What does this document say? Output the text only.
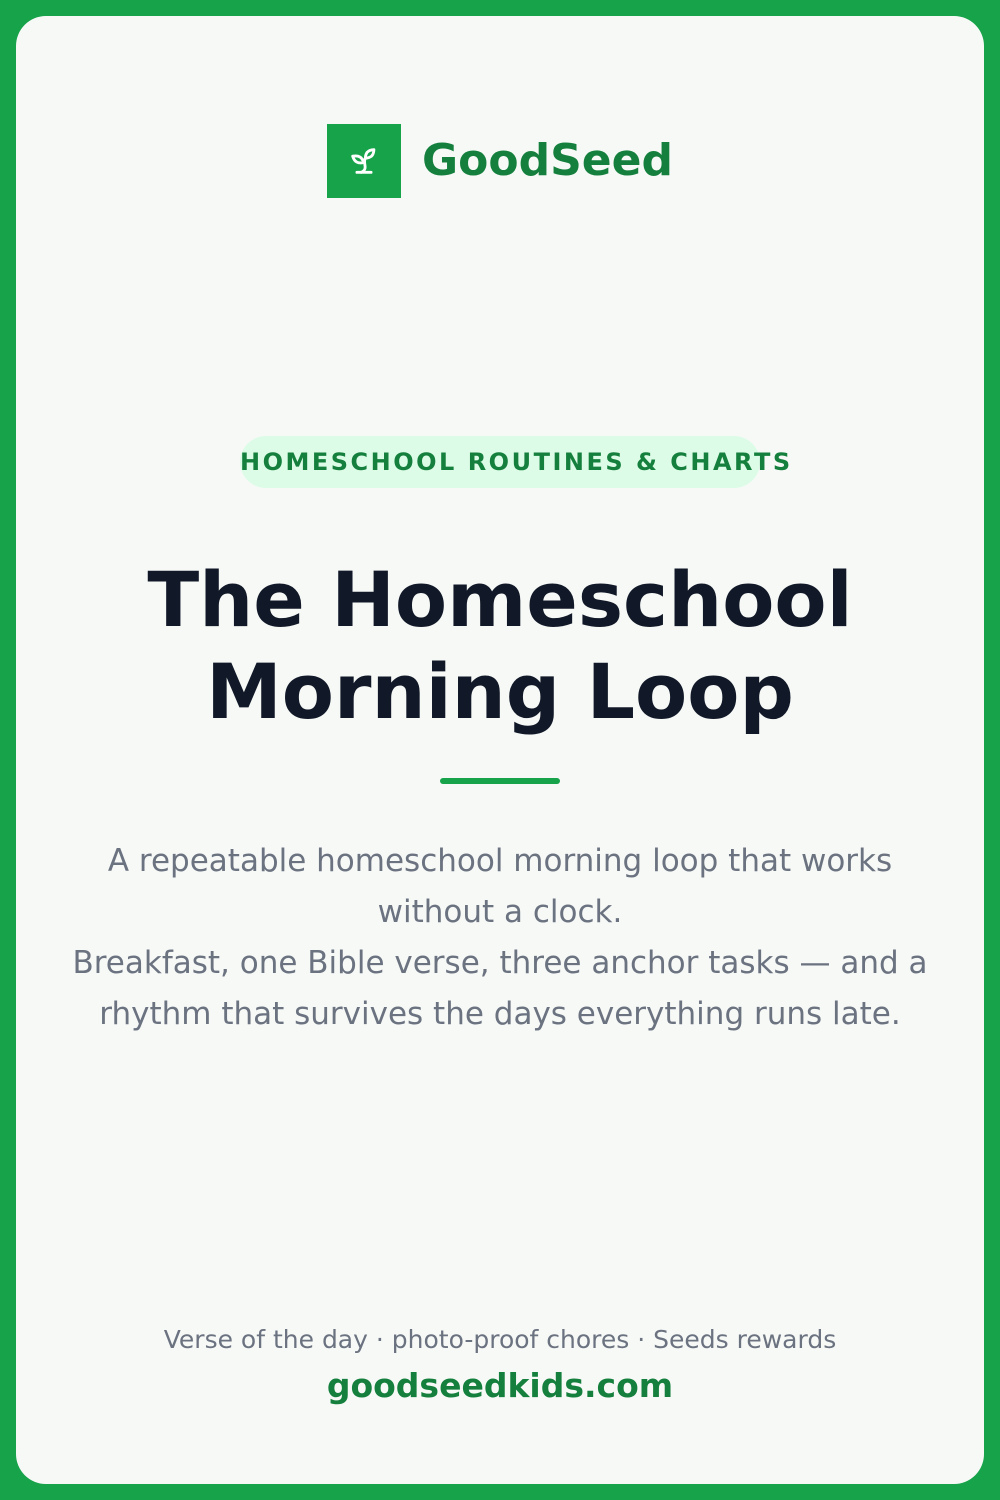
GoodSeed
HOMESCHOOL ROUTINES & CHARTS
The Homeschool
Morning Loop

A repeatable homeschool morning loop that works without a clock.

Breakfast, one Bible verse, three anchor tasks — and a rhythm that survives the days everything runs late.

Verse of the day · photo-proof chores · Seeds rewards
goodseedkids.com
